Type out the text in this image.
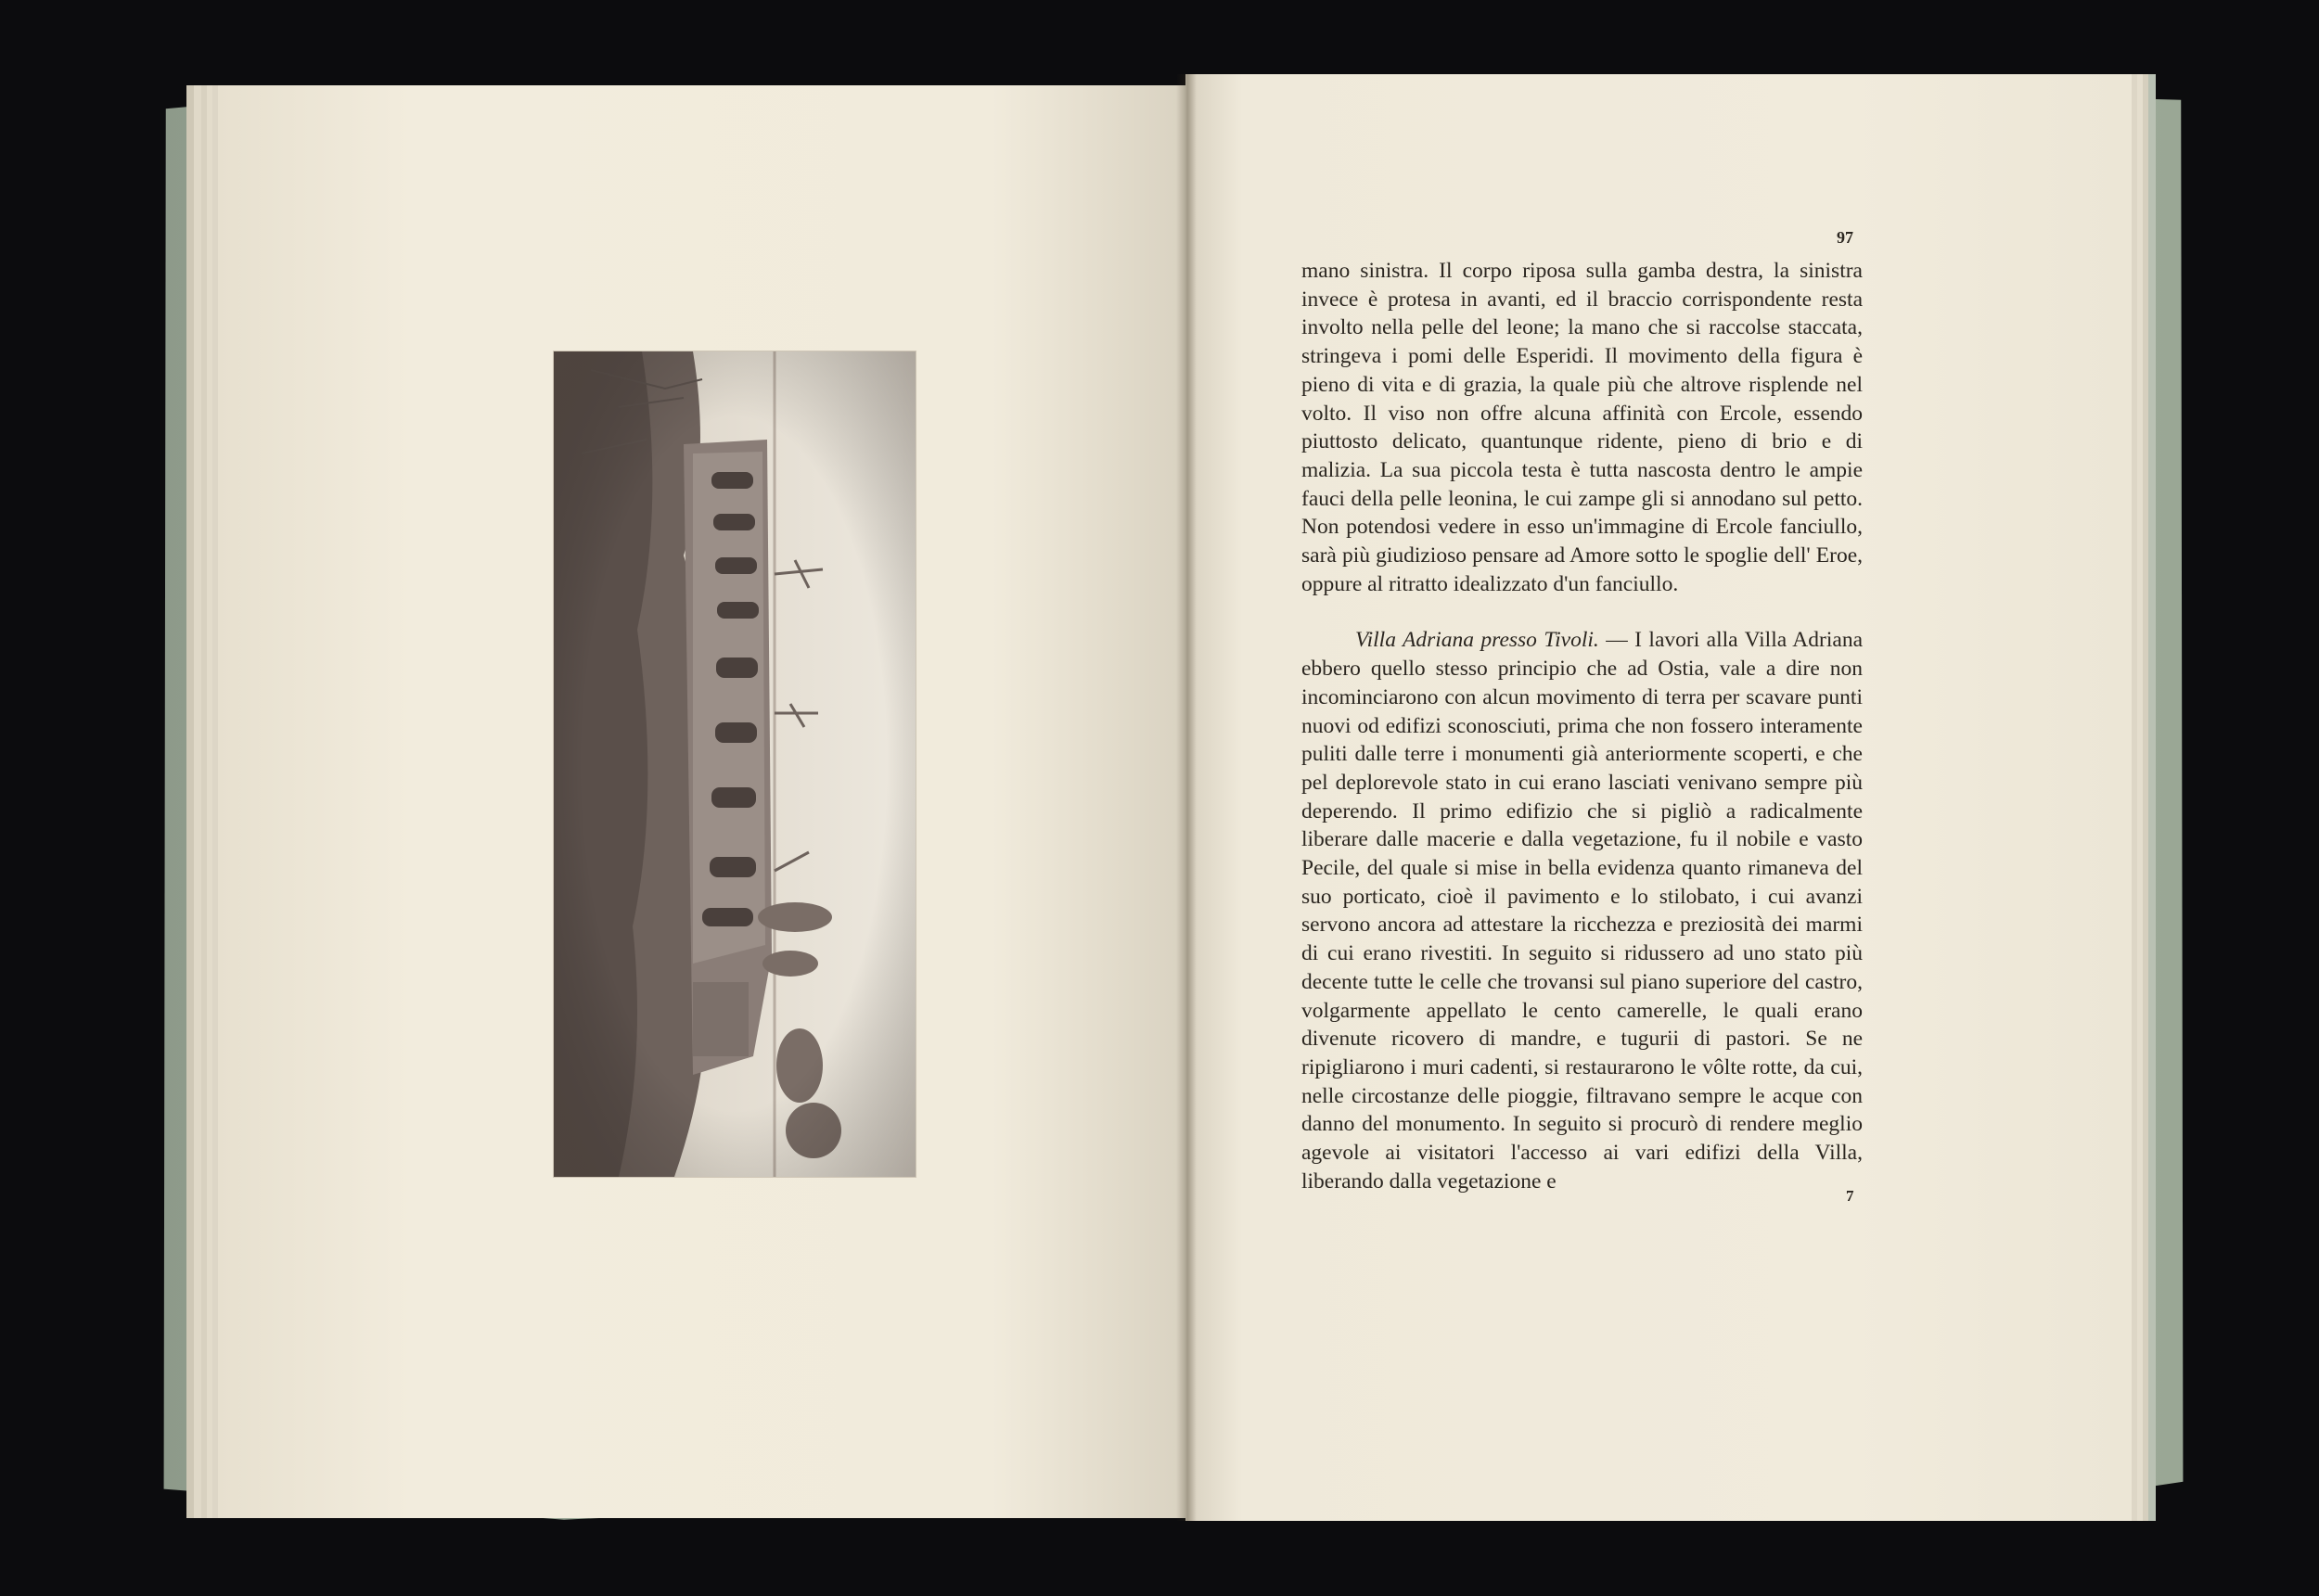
97

mano sinistra. Il corpo riposa sulla gamba destra, la sinistra invece è protesa in avanti, ed il braccio corrispondente resta involto nella pelle del leone; la mano che si raccolse staccata, stringeva i pomi delle Esperidi. Il movimento della figura è pieno di vita e di grazia, la quale più che altrove risplende nel volto. Il viso non offre alcuna affinità con Ercole, essendo piuttosto delicato, quantunque ridente, pieno di brio e di malizia. La sua piccola testa è tutta nascosta dentro le ampie fauci della pelle leonina, le cui zampe gli si annodano sul petto. Non potendosi vedere in esso un'immagine di Ercole fanciullo, sarà più giudizioso pensare ad Amore sotto le spoglie dell' Eroe, oppure al ritratto idealizzato d'un fanciullo.

Villa Adriana presso Tivoli. — I lavori alla Villa Adriana ebbero quello stesso principio che ad Ostia, vale a dire non incominciarono con alcun movimento di terra per scavare punti nuovi od edifizi sconosciuti, prima che non fossero interamente puliti dalle terre i monumenti già anteriormente scoperti, e che pel deplorevole stato in cui erano lasciati venivano sempre più deperendo. Il primo edifizio che si pigliò a radicalmente liberare dalle macerie e dalla vegetazione, fu il nobile e vasto Pecile, del quale si mise in bella evidenza quanto rimaneva del suo porticato, cioè il pavimento e lo stilobato, i cui avanzi servono ancora ad attestare la ricchezza e preziosità dei marmi di cui erano rivestiti. In seguito si ridussero ad uno stato più decente tutte le celle che trovansi sul piano superiore del castro, volgarmente appellato le cento camerelle, le quali erano divenute ricovero di mandre, e tugurii di pastori. Se ne ripigliarono i muri cadenti, si restaurarono le vôlte rotte, da cui, nelle circostanze delle pioggie, filtravano sempre le acque con danno del monumento. In seguito si procurò di rendere meglio agevole ai visitatori l'accesso ai vari edifizi della Villa, liberando dalla vegetazione e

7
